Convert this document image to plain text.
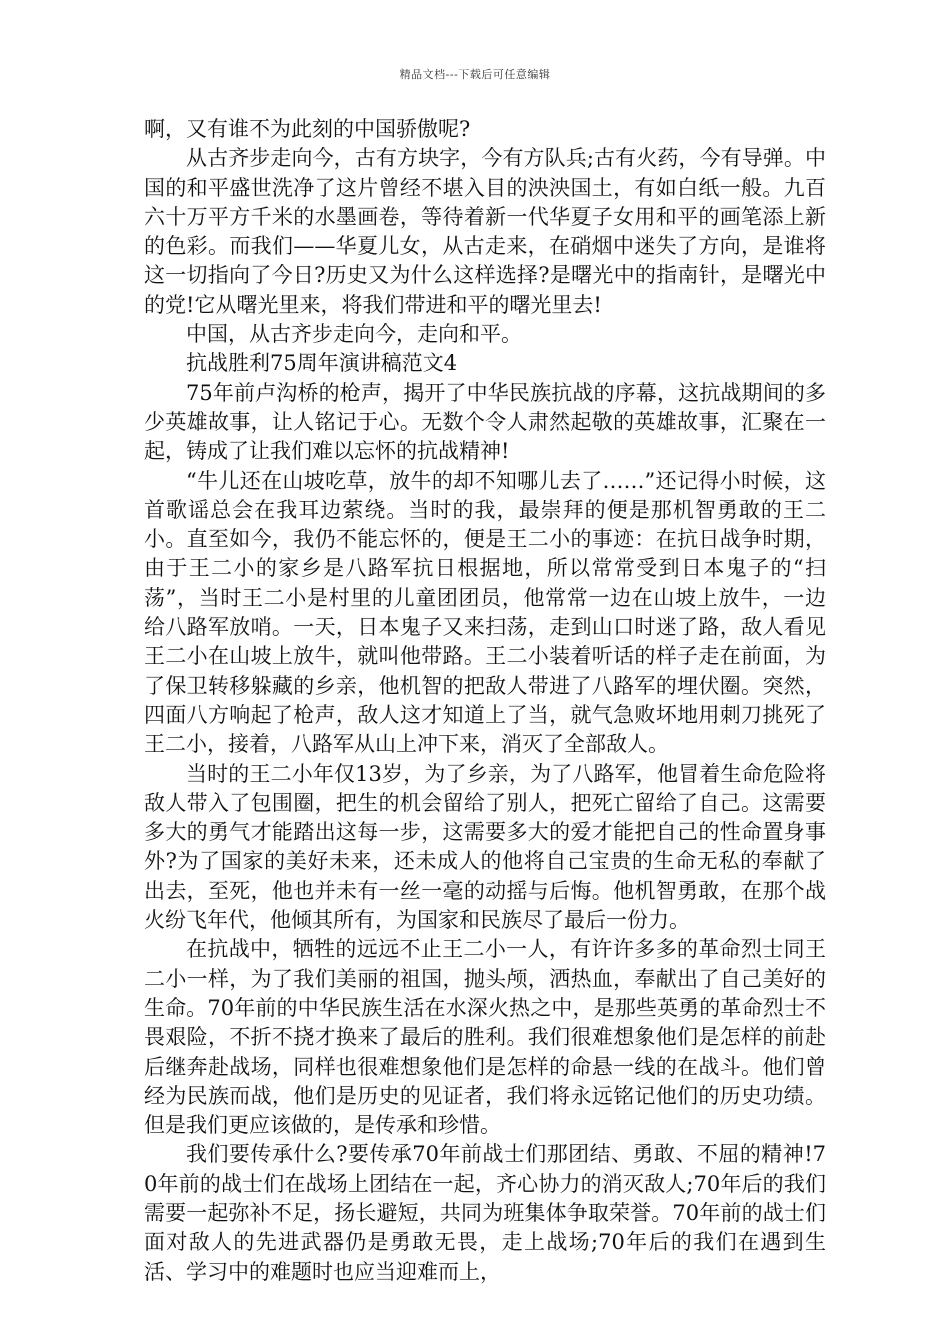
精品文档---下载后可任意编辑

啊，又有谁不为此刻的中国骄傲呢?

从古齐步走向今，古有方块字，今有方队兵;古有火药，今有导弹。中国的和平盛世洗净了这片曾经不堪入目的泱泱国土，有如白纸一般。九百六十万平方千米的水墨画卷，等待着新一代华夏子女用和平的画笔添上新的色彩。而我们——华夏儿女，从古走来，在硝烟中迷失了方向，是谁将这一切指向了今日?历史又为什么这样选择?是曙光中的指南针，是曙光中的党!它从曙光里来，将我们带进和平的曙光里去!

中国，从古齐步走向今，走向和平。

抗战胜利75周年演讲稿范文4

75年前卢沟桥的枪声，揭开了中华民族抗战的序幕，这抗战期间的多少英雄故事，让人铭记于心。无数个令人肃然起敬的英雄故事，汇聚在一起，铸成了让我们难以忘怀的抗战精神!

“牛儿还在山坡吃草，放牛的却不知哪儿去了……”还记得小时候，这首歌谣总会在我耳边萦绕。当时的我，最崇拜的便是那机智勇敢的王二小。直至如今，我仍不能忘怀的，便是王二小的事迹：在抗日战争时期，由于王二小的家乡是八路军抗日根据地，所以常常受到日本鬼子的“扫荡”，当时王二小是村里的儿童团团员，他常常一边在山坡上放牛，一边给八路军放哨。一天，日本鬼子又来扫荡，走到山口时迷了路，敌人看见王二小在山坡上放牛，就叫他带路。王二小装着听话的样子走在前面，为了保卫转移躲藏的乡亲，他机智的把敌人带进了八路军的埋伏圈。突然，四面八方响起了枪声，敌人这才知道上了当，就气急败坏地用刺刀挑死了王二小，接着，八路军从山上冲下来，消灭了全部敌人。

当时的王二小年仅13岁，为了乡亲，为了八路军，他冒着生命危险将敌人带入了包围圈，把生的机会留给了别人，把死亡留给了自己。这需要多大的勇气才能踏出这每一步，这需要多大的爱才能把自己的性命置身事外?为了国家的美好未来，还未成人的他将自己宝贵的生命无私的奉献了出去，至死，他也并未有一丝一毫的动摇与后悔。他机智勇敢，在那个战火纷飞年代，他倾其所有，为国家和民族尽了最后一份力。

在抗战中，牺牲的远远不止王二小一人，有许许多多的革命烈士同王二小一样，为了我们美丽的祖国，抛头颅，洒热血，奉献出了自己美好的生命。70年前的中华民族生活在水深火热之中，是那些英勇的革命烈士不畏艰险，不折不挠才换来了最后的胜利。我们很难想象他们是怎样的前赴后继奔赴战场，同样也很难想象他们是怎样的命悬一线的在战斗。他们曾经为民族而战，他们是历史的见证者，我们将永远铭记他们的历史功绩。但是我们更应该做的，是传承和珍惜。

我们要传承什么?要传承70年前战士们那团结、勇敢、不屈的精神!70年前的战士们在战场上团结在一起，齐心协力的消灭敌人;70年后的我们需要一起弥补不足，扬长避短，共同为班集体争取荣誉。70年前的战士们面对敌人的先进武器仍是勇敢无畏，走上战场;70年后的我们在遇到生活、学习中的难题时也应当迎难而上，
